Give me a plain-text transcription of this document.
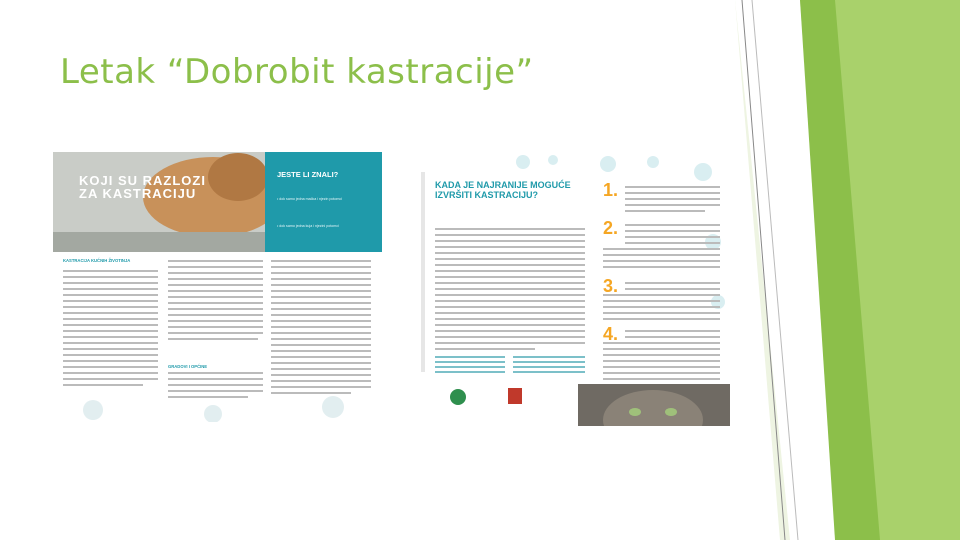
Letak “Dobrobit kastracije”
KOJI SU RAZLOZI ZA KASTRACIJU
JESTE LI ZNALI?
• dok samo jedna mačka i njezin potomci
• dok samo jedna kuja i njezini potomci
KASTRACIJA KUĆNIH ŽIVOTINJA
GRADOVI I OPĆINE
KADA JE NAJRANIJE MOGUĆE IZVRŠITI KASTRACIJU?	1.
2.
3.
4.
